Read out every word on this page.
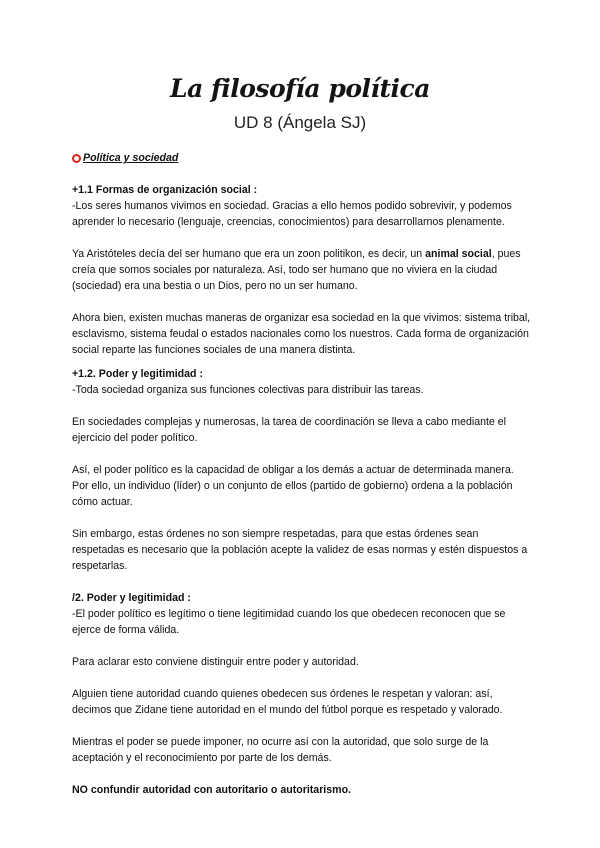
La filosofía política
UD 8 (Ángela SJ)
Política y sociedad

+1.1 Formas de organización social :

-Los seres humanos vivimos en sociedad. Gracias a ello hemos podido sobrevivir, y podemos aprender lo necesario (lenguaje, creencias, conocimientos) para desarrollarnos plenamente.

Ya Aristóteles decía del ser humano que era un zoon politikon, es decir, un animal social, pues creía que somos sociales por naturaleza. Así, todo ser humano que no viviera en la ciudad (sociedad) era una bestia o un Dios, pero no un ser humano.

Ahora bien, existen muchas maneras de organizar esa sociedad en la que vivimos: sistema tribal, esclavismo, sistema feudal o estados nacionales como los nuestros. Cada forma de organización social reparte las funciones sociales de una manera distinta.

+1.2. Poder y legitimidad :

-Toda sociedad organiza sus funciones colectivas para distribuir las tareas.

En sociedades complejas y numerosas, la tarea de coordinación se lleva a cabo mediante el ejercicio del poder político.

Así, el poder político es la capacidad de obligar a los demás a actuar de determinada manera. Por ello, un individuo (líder) o un conjunto de ellos (partido de gobierno) ordena a la población cómo actuar.

Sin embargo, estas órdenes no son siempre respetadas, para que estas órdenes sean respetadas es necesario que la población acepte la validez de esas normas y estén dispuestos a respetarlas.

/2. Poder y legitimidad :

-El poder político es legítimo o tiene legitimidad cuando los que obedecen reconocen que se ejerce de forma válida.

Para aclarar esto conviene distinguir entre poder y autoridad.

Alguien tiene autoridad cuando quienes obedecen sus órdenes le respetan y valoran: así, decimos que Zidane tiene autoridad en el mundo del fútbol porque es respetado y valorado.

Mientras el poder se puede imponer, no ocurre así con la autoridad, que solo surge de la aceptación y el reconocimiento por parte de los demás.

NO confundir autoridad con autoritario o autoritarismo.
